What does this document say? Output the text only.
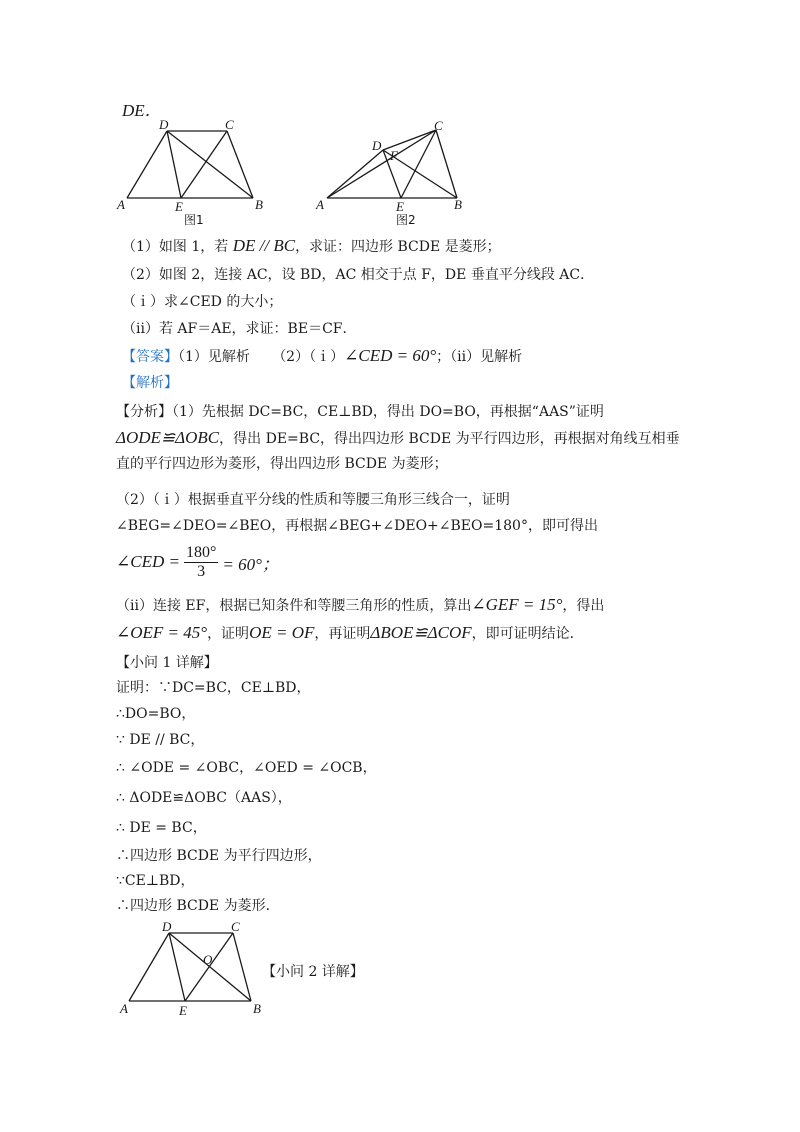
DE．
D	C
A	E	B
图1
D
F
C
A	E	B
图2
（1）如图 1，若 DE // BC，求证：四边形 BCDE 是菱形；
（2）如图 2，连接 AC，设 BD，AC 相交于点 F，DE 垂直平分线段 AC．
（ｉ）求∠CED 的大小；
（ii）若 AF＝AE，求证：BE＝CF．
【答案】（1）见解析 （2）（ｉ）∠CED = 60°；（ii）见解析
【解析】
【分析】（1）先根据 DC=BC，CE⊥BD，得出 DO=BO，再根据“AAS”证明
ΔODE≌ΔOBC，得出 DE=BC，得出四边形 BCDE 为平行四边形，再根据对角线互相垂
直的平行四边形为菱形，得出四边形 BCDE 为菱形；
（2）（ｉ）根据垂直平分线的性质和等腰三角形三线合一，证明
∠BEG=∠DEO=∠BEO，再根据∠BEG+∠DEO+∠BEO=180°，即可得出
∠CED = $\frac{180^\circ}{3} = 60^\circ$；
（ii）连接 EF，根据已知条件和等腰三角形的性质，算出∠GEF = 15°，得出
∠OEF = 45°，证明OE = OF，再证明ΔBOE≌ΔCOF，即可证明结论．
【小问 1 详解】
证明：∵DC=BC，CE⊥BD，
∴DO=BO，
∵ DE // BC，
∴ ∠ODE = ∠OBC，∠OED = ∠OCB，
∴ ΔODE≌ΔOBC（AAS），
∴ DE = BC，
∴四边形 BCDE 为平行四边形，
∵CE⊥BD，
∴四边形 BCDE 为菱形．
D	C
O
A	E	B
【小问 2 详解】
